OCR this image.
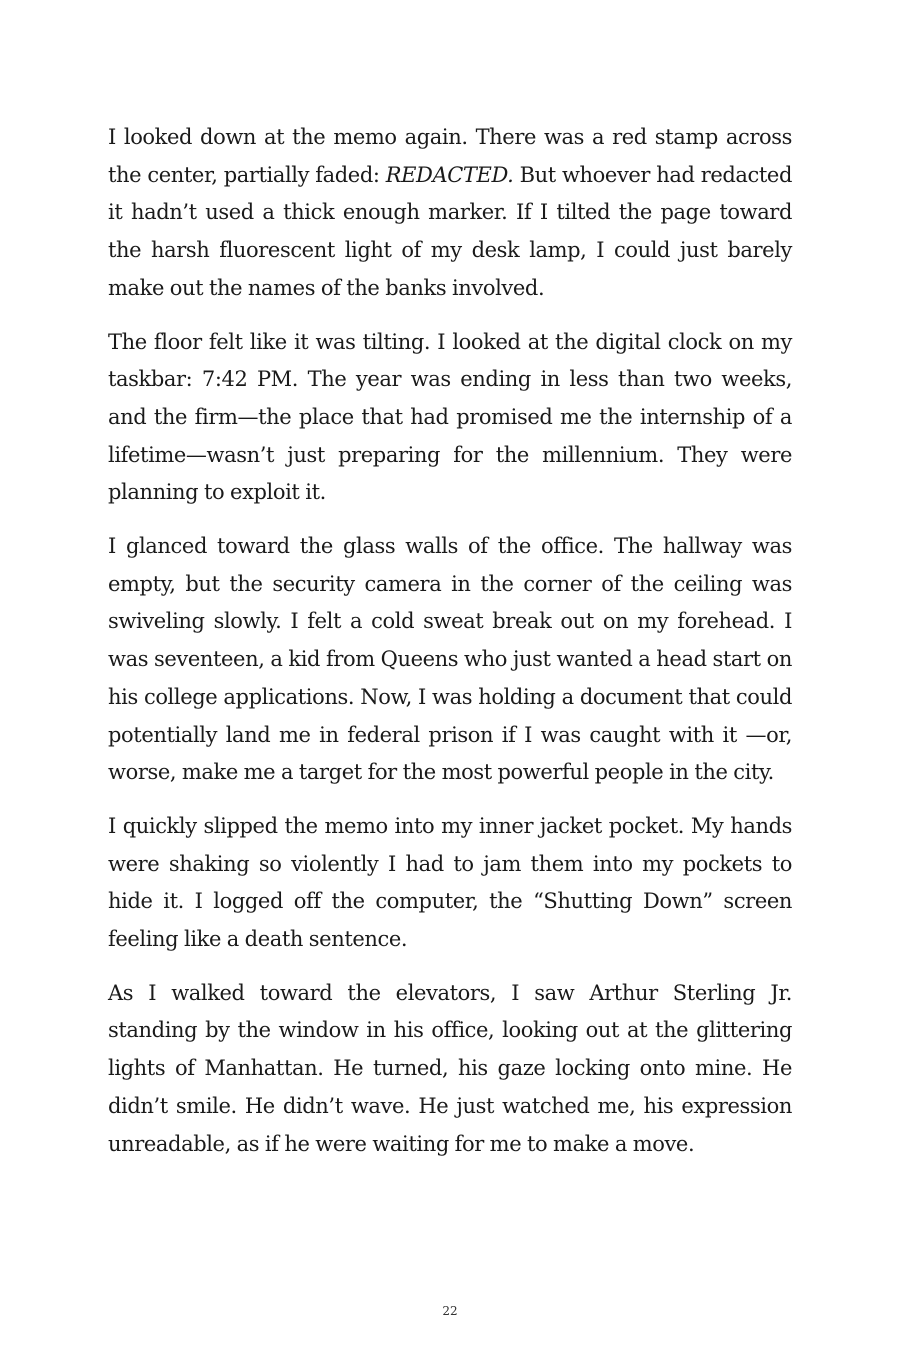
I looked down at the memo again. There was a red stamp across the center, partially faded: REDACTED. But whoever had redacted it hadn’t used a thick enough marker. If I tilted the page toward the harsh fluorescent light of my desk lamp, I could just barely make out the names of the banks involved.

The floor felt like it was tilting. I looked at the digital clock on my taskbar: 7:42 PM. The year was ending in less than two weeks, and the firm—the place that had promised me the internship of a lifetime—wasn’t just preparing for the millennium. They were planning to exploit it.

I glanced toward the glass walls of the office. The hallway was empty, but the security camera in the corner of the ceiling was swiveling slowly. I felt a cold sweat break out on my forehead. I was seventeen, a kid from Queens who just wanted a head start on his college applications. Now, I was holding a document that could potentially land me in federal prison if I was caught with it —or, worse, make me a target for the most powerful people in the city.

I quickly slipped the memo into my inner jacket pocket. My hands were shaking so violently I had to jam them into my pockets to hide it. I logged off the computer, the “Shutting Down” screen feeling like a death sentence.

As I walked toward the elevators, I saw Arthur Sterling Jr. standing by the window in his office, looking out at the glittering lights of Manhattan. He turned, his gaze locking onto mine. He didn’t smile. He didn’t wave. He just watched me, his expression unreadable, as if he were waiting for me to make a move.

22
